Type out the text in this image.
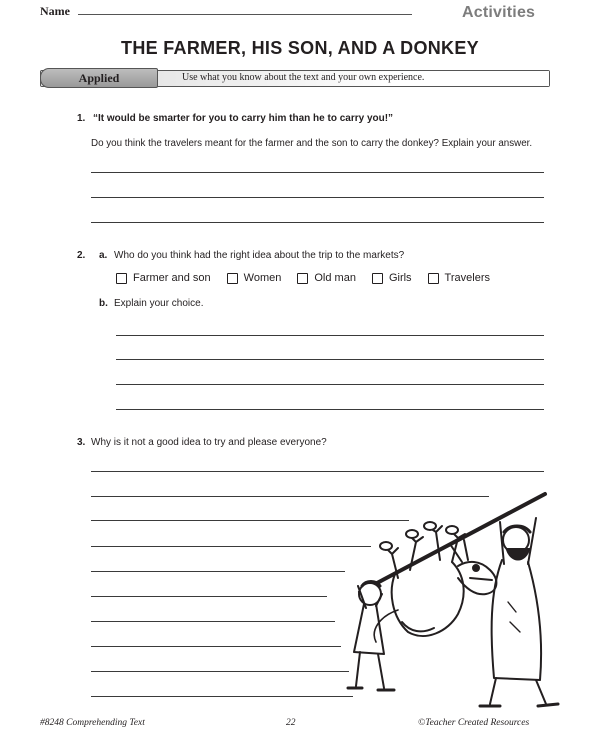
Name	Activities
THE FARMER, HIS SON, AND A DONKEY
Applied	Use what you know about the text and your own experience.
1. “It would be smarter for you to carry him than he to carry you!”
Do you think the travelers meant for the farmer and the son to carry the donkey? Explain your answer.
2. a. Who do you think had the right idea about the trip to the markets?
Farmer and son	Women	Old man	Girls	Travelers
b. Explain your choice.
3. Why is it not a good idea to try and please everyone?
#8248 Comprehending Text	22	©Teacher Created Resources
